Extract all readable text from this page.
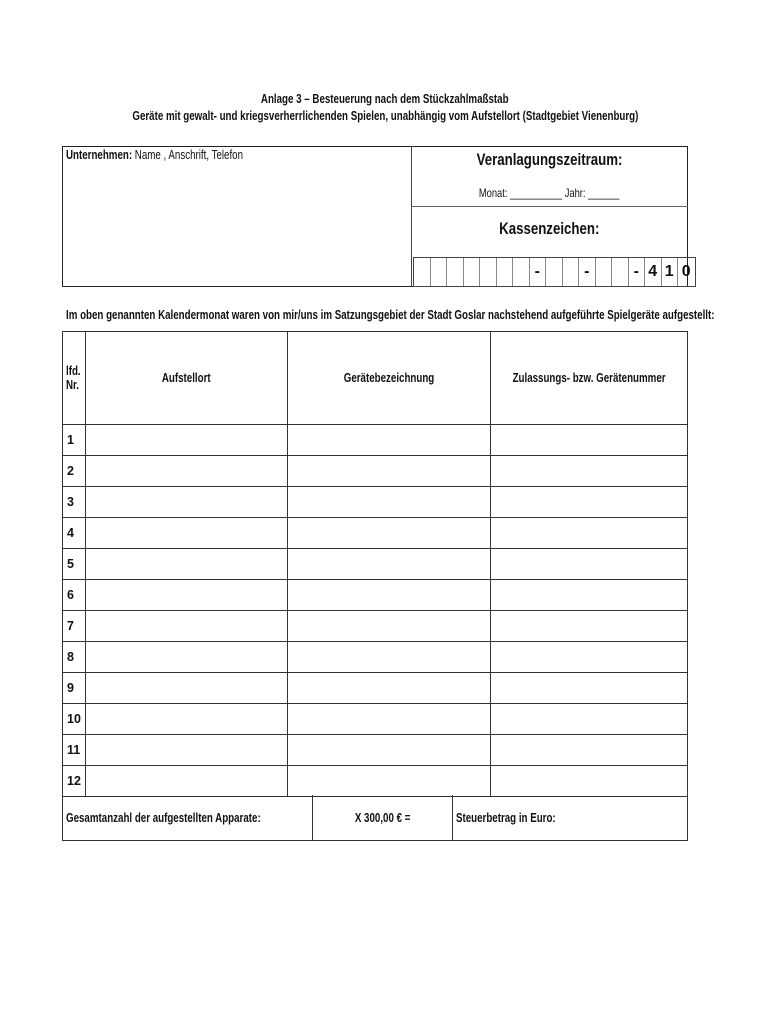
Anlage 3 – Besteuerung nach dem Stückzahlmaßstab
Geräte mit gewalt- und kriegsverherrlichenden Spielen, unabhängig vom Aufstellort (Stadtgebiet Vienenburg)
Unternehmen: Name , Anschrift, Telefon	Veranlagungszeitraum:
Monat: __________ Jahr: ______
Kassenzeichen:
-	-	- 4 1 0
Im oben genannten Kalendermonat waren von mir/uns im Satzungsgebiet der Stadt Goslar nachstehend aufgeführte Spielgeräte aufgestellt:
lfd.
Nr.	Aufstellort	Gerätebezeichnung	Zulassungs- bzw. Gerätenummer
1			
2			
3			
4			
5			
6			
7			
8			
9			
10			
11			
12			
Gesamtanzahl der aufgestellten Apparate:	X 300,00 € =	Steuerbetrag in Euro:
